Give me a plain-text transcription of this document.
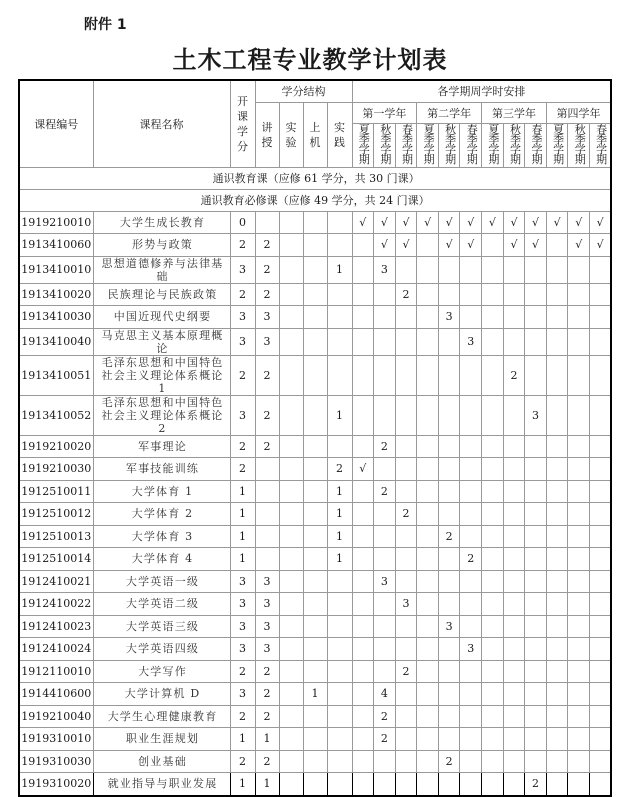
附件 1
土木工程专业教学计划表
课程编号	课程名称	开课学分	学分结构				各学期周学时安排											

			讲授	实验	上机	实践	第一学年			第二学年			第三学年			第四学年		

							夏季学期	秋季学期	春季学期	夏季学期	秋季学期	春季学期	夏季学期	秋季学期	春季学期	夏季学期	秋季学期	春季学期

通识教育课（应修 61 学分，共 30 门课）																		
通识教育必修课（应修 49 学分，共 24 门课）																		
1919210010	大学生成长教育	0					√	√	√	√	√	√	√	√	√	√	√	√
1913410060	形势与政策	2	2					√	√		√	√		√	√		√	√
1913410010	思想道德修养与法律基础	3	2			1		3										
1913410020	民族理论与民族政策	2	2						2									
1913410030	中国近现代史纲要	3	3								3							
1913410040	马克思主义基本原理概论	3	3									3						
1913410051	毛泽东思想和中国特色社会主义理论体系概论 1	2	2											2				
1913410052	毛泽东思想和中国特色社会主义理论体系概论 2	3	2			1									3			
1919210020	军事理论	2	2					2										
1919210030	军事技能训练	2				2	√											
1912510011	大学体育 1	1				1		2										
1912510012	大学体育 2	1				1			2									
1912510013	大学体育 3	1				1					2							
1912510014	大学体育 4	1				1						2						
1912410021	大学英语一级	3	3					3										
1912410022	大学英语二级	3	3						3									
1912410023	大学英语三级	3	3								3							
1912410024	大学英语四级	3	3									3						
1912110010	大学写作	2	2						2									
1914410600	大学计算机 D	3	2		1			4										
1919210040	大学生心理健康教育	2	2					2										
1919310010	职业生涯规划	1	1					2										
1919310030	创业基础	2	2								2							
1919310020	就业指导与职业发展	1	1												2			
